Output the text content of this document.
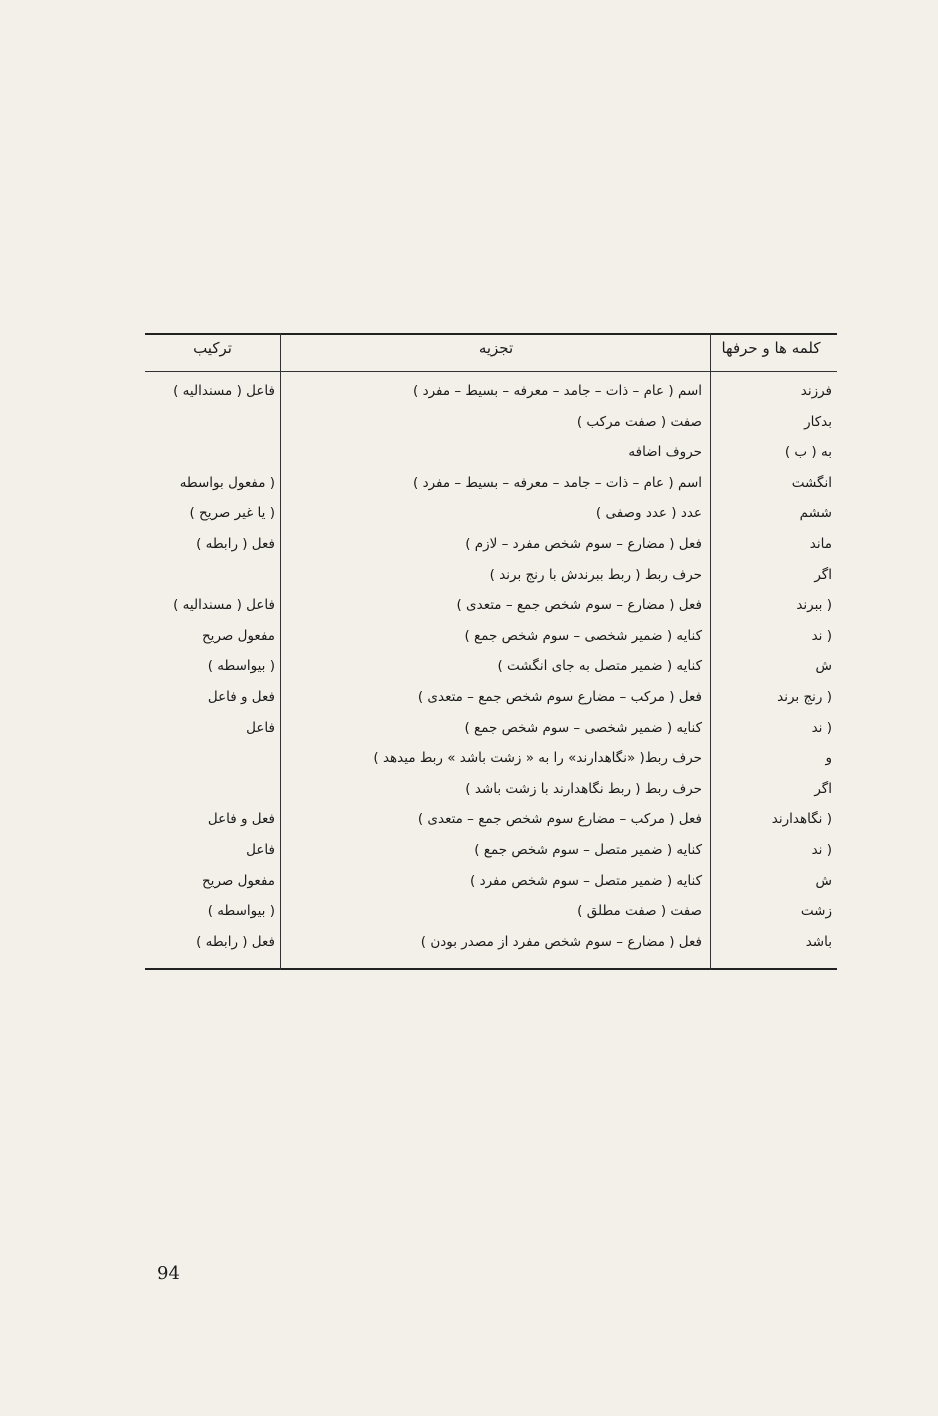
کلمه ها و حرفها
تجزیه
ترکیب
فرزند
اسم ( عام – ذات – جامد – معرفه – بسیط – مفرد )
فاعل ( مسندالیه )
بدکار
صفت ( صفت مرکب )
به ( ب )
حروف اضافه
انگشت
اسم ( عام – ذات – جامد – معرفه – بسیط – مفرد )
( مفعول بواسطه
ششم
عدد ( عدد وصفی )
( یا غیر صریح )
ماند
فعل ( مضارع – سوم شخص مفرد – لازم )
فعل ( رابطه )
اگر
حرف ربط ( ربط ببرندش با رنج برند )
( ببرند
فعل ( مضارع – سوم شخص جمع – متعدی )
فاعل ( مسندالیه )
( ند
کنایه ( ضمیر شخصی – سوم شخص جمع )
مفعول صریح
ش
کنایه ( ضمیر متصل به جای انگشت )
( بیواسطه )
( رنج برند
فعل ( مرکب – مضارع سوم شخص جمع – متعدی )
فعل و فاعل
( ند
کنایه ( ضمیر شخصی – سوم شخص جمع )
فاعل
و
حرف ربط( «نگاهدارند» را به « زشت باشد » ربط میدهد )
اگر
حرف ربط ( ربط نگاهدارند با زشت باشد )
( نگاهدارند
فعل ( مرکب – مضارع سوم شخص جمع – متعدی )
فعل و فاعل
( ند
کنایه ( ضمیر متصل – سوم شخص جمع )
فاعل
ش
کنایه ( ضمیر متصل – سوم شخص مفرد )
مفعول صریح
زشت
صفت ( صفت مطلق )
( بیواسطه )
باشد
فعل ( مضارع – سوم شخص مفرد از مصدر بودن )
فعل ( رابطه )
94
